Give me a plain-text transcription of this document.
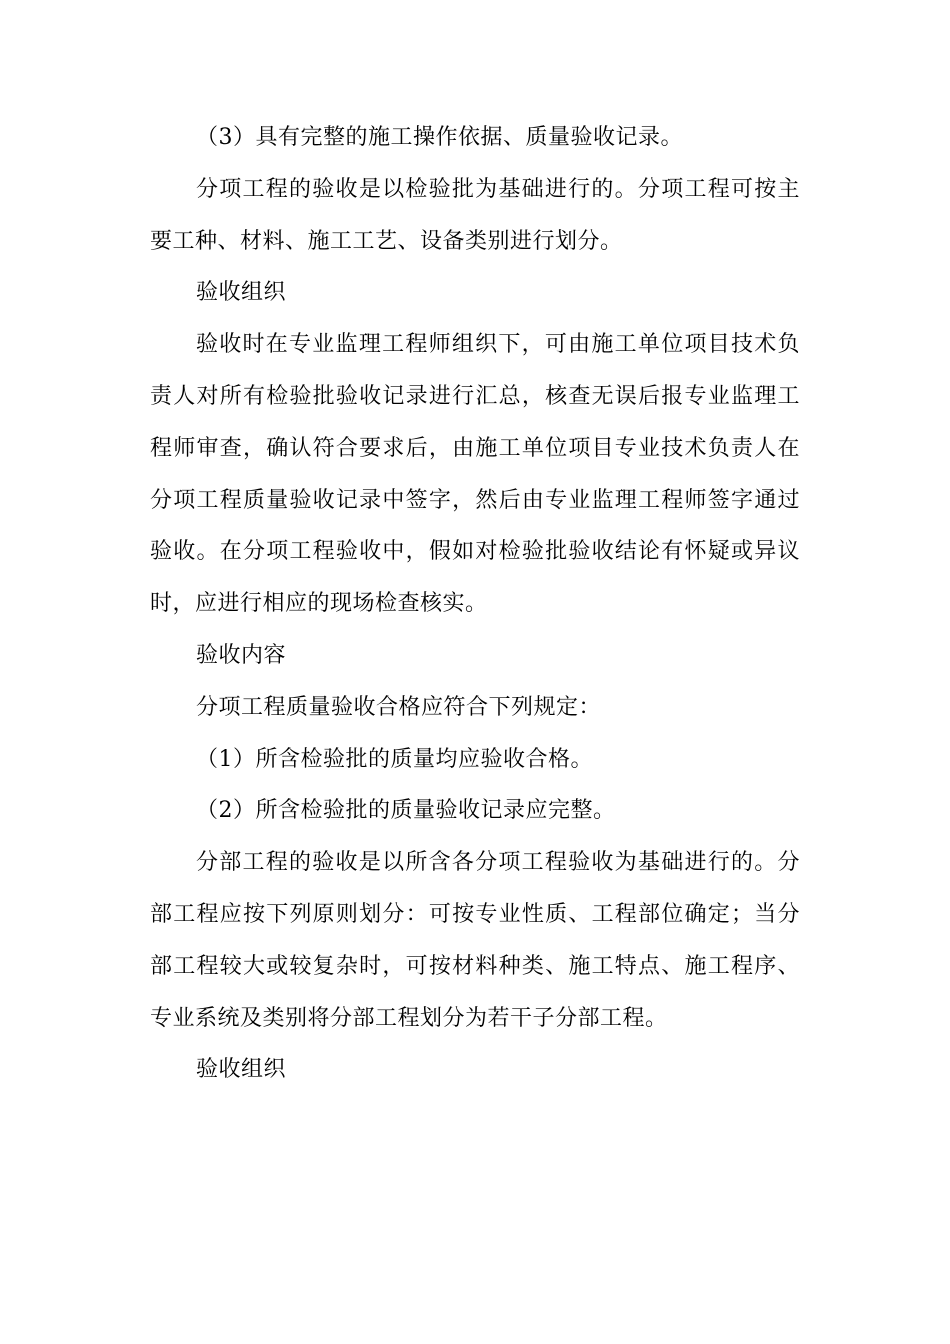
（3）具有完整的施工操作依据、质量验收记录。

分项工程的验收是以检验批为基础进行的。分项工程可按主要工种、材料、施工工艺、设备类别进行划分。

验收组织

验收时在专业监理工程师组织下，可由施工单位项目技术负责人对所有检验批验收记录进行汇总，核查无误后报专业监理工程师审查，确认符合要求后，由施工单位项目专业技术负责人在分项工程质量验收记录中签字，然后由专业监理工程师签字通过验收。在分项工程验收中，假如对检验批验收结论有怀疑或异议时，应进行相应的现场检查核实。

验收内容

分项工程质量验收合格应符合下列规定：

（1）所含检验批的质量均应验收合格。

（2）所含检验批的质量验收记录应完整。

分部工程的验收是以所含各分项工程验收为基础进行的。分部工程应按下列原则划分：可按专业性质、工程部位确定；当分部工程较大或较复杂时，可按材料种类、施工特点、施工程序、专业系统及类别将分部工程划分为若干子分部工程。

验收组织
